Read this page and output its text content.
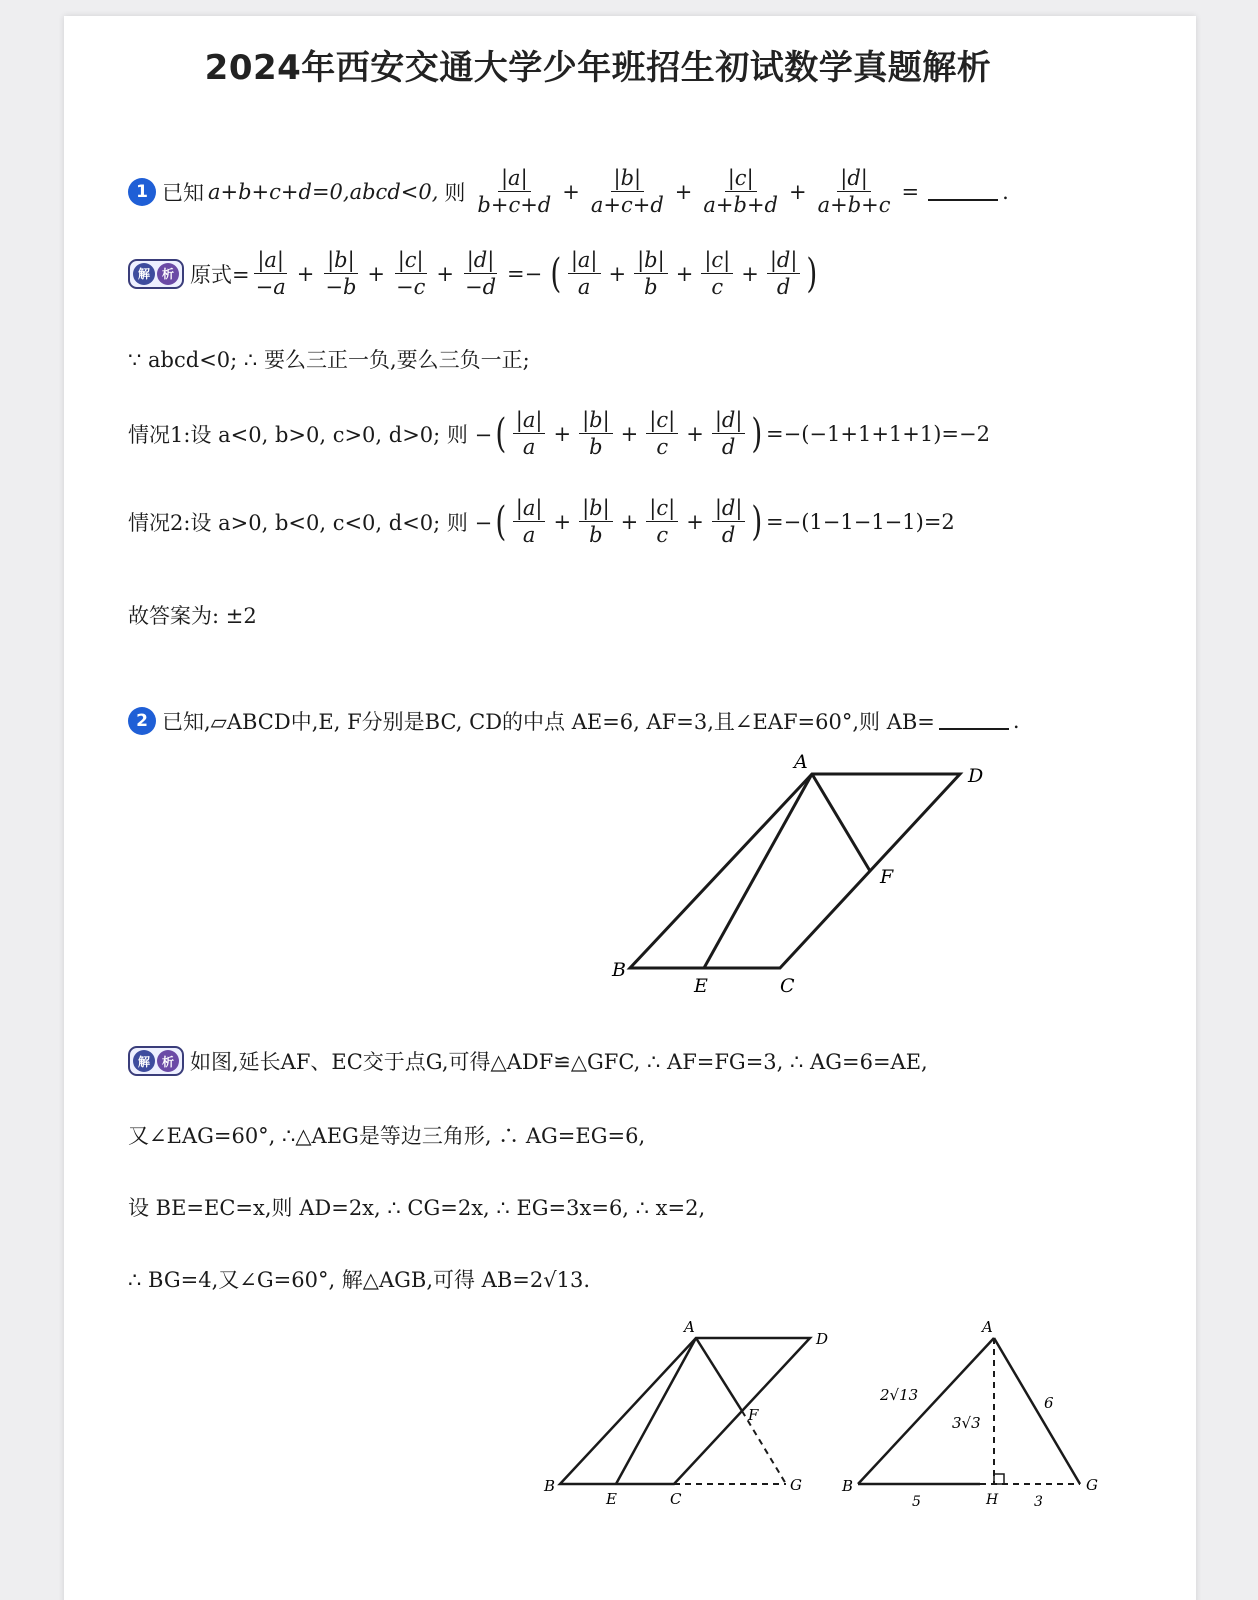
2024年西安交通大学少年班招生初试数学真题解析
1 已知 a+b+c+d=0, abcd<0, 则 $\frac{|a|}{b+c+d} + \frac{|b|}{a+c+d} + \frac{|c|}{a+b+d} + \frac{|d|}{a+b+c}$ =	.
解 析 原式= $\frac{|a|}{-a} + \frac{|b|}{-b} + \frac{|c|}{-c} + \frac{|d|}{-d}$ =− ( $\frac{|a|}{a} + \frac{|b|}{b} + \frac{|c|}{c} + \frac{|d|}{d}$ )
∵ abcd<0; ∴ 要么三正一负,要么三负一正;
情况1:设 a<0, b>0, c>0, d>0; 则 − ( $\frac{|a|}{a} + \frac{|b|}{b} + \frac{|c|}{c} + \frac{|d|}{d}$ ) =−(−1+1+1+1)=−2
情况2:设 a>0, b<0, c<0, d<0; 则 − ( $\frac{|a|}{a} + \frac{|b|}{b} + \frac{|c|}{c} + \frac{|d|}{d}$ ) =−(1−1−1−1)=2
故答案为: ±2
2 已知,▱ABCD中,E, F分别是BC, CD的中点 AE=6, AF=3,且∠EAF=60°,则 AB=	.
A
D
F
B
E	C
解 析 如图,延长AF、EC交于点G,可得△ADF≌△GFC, ∴ AF=FG=3, ∴ AG=6=AE,
又∠EAG=60°, ∴△AEG是等边三角形, ∴ AG=EG=6,
设 BE=EC=x,则 AD=2x, ∴ CG=2x, ∴ EG=3x=6, ∴ x=2,
∴ BG=4,又∠G=60°, 解△AGB,可得 AB=2√13.
A
D
F
B
E	C
G
A
B	G
H
2√13	6
3√3
5	3
